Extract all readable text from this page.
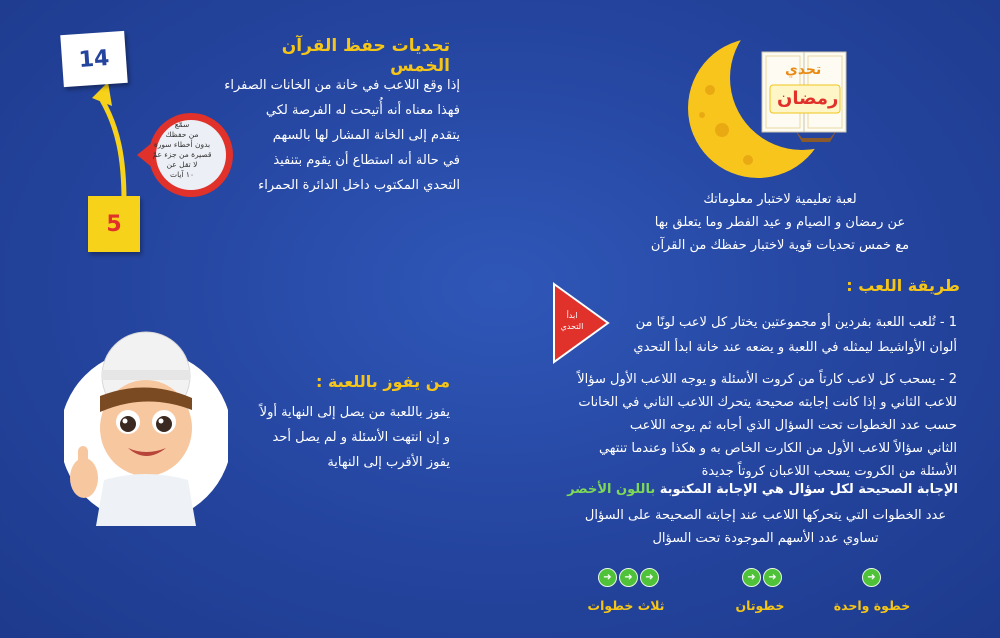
تحديات حفظ القرآن الخمس
إذا وقع اللاعب في خانة من الخانات الصفراء
فهذا معناه أنه أُتيحت له الفرصة لكي
يتقدم إلى الخانة المشار لها بالسهم
في حالة أنه استطاع أن يقوم بتنفيذ
التحدي المكتوب داخل الدائرة الحمراء
14
5
سمّع
من حفظك
بدون أخطاء سورة
قصيرة من جزء عمّ
لا تقل عن
١٠ آيات
تحدي
رمضان
لعبة تعليمية لاختبار معلوماتك
عن رمضان و الصيام و عيد الفطر وما يتعلق بها
مع خمس تحديات قوية لاختبار حفظك من القرآن
طريقة اللعب :
ابدأ
التحدي	1 - تُلعب اللعبة بفردين أو مجموعتين يختار كل لاعب لونًا من
ألوان الأواشيط ليمثله في اللعبة و يضعه عند خانة ابدأ التحدي
2 - يسحب كل لاعب كارتاً من كروت الأسئلة و يوجه اللاعب الأول سؤالاً
للاعب الثاني و إذا كانت إجابته صحيحة يتحرك اللاعب الثاني في الخانات
حسب عدد الخطوات تحت السؤال الذي أجابه ثم يوجه اللاعب
الثاني سؤالاً للاعب الأول من الكارت الخاص به و هكذا وعندما تنتهي
الأسئلة من الكروت يسحب اللاعبان كروتاً جديدة
الإجابة الصحيحة لكل سؤال هي الإجابة المكتوبة باللون الأخضر
عدد الخطوات التي يتحركها اللاعب عند إجابته الصحيحة على السؤال
تساوي عدد الأسهم الموجودة تحت السؤال
➜
خطوة واحدة
➜	➜
خطوتان
➜	➜	➜
ثلاث خطوات
من يفوز باللعبة :
يفوز باللعبة من يصل إلى النهاية أولاً
و إن انتهت الأسئلة و لم يصل أحد
يفوز الأقرب إلى النهاية
